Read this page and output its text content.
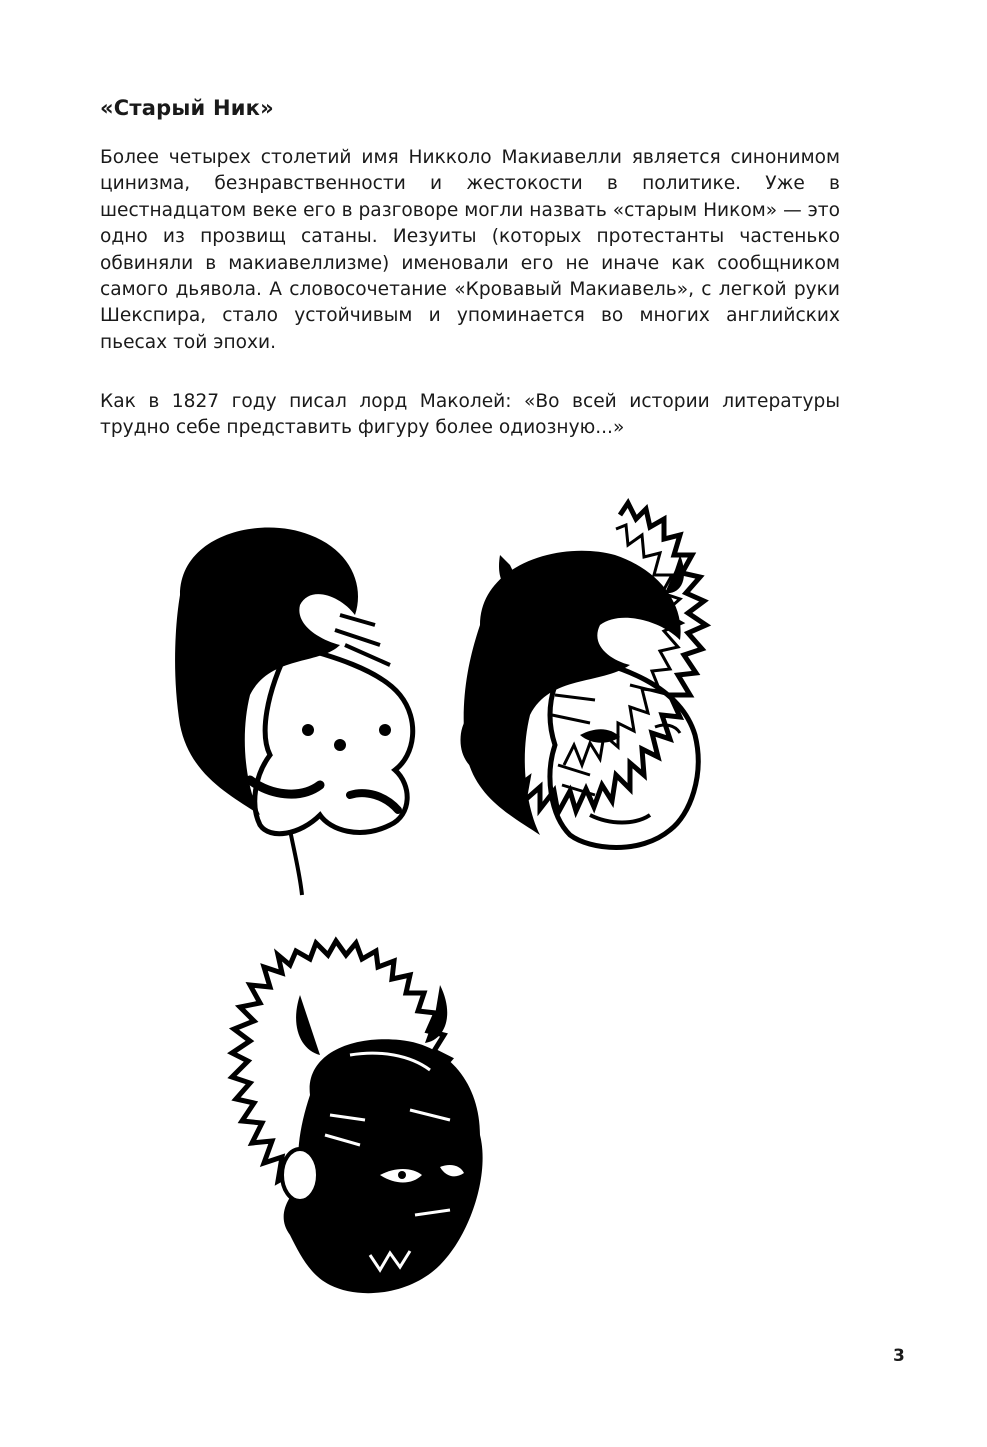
«Старый Ник»

Более четырех столетий имя Никколо Макиавелли является синонимом цинизма, безнравственности и жестокости в политике. Уже в шестнадцатом веке его в разговоре могли назвать «старым Ником» — это одно из прозвищ сатаны. Иезуиты (которых протестанты частенько обвиняли в макиавеллизме) именовали его не иначе как сообщником самого дьявола. А словосочетание «Кровавый Макиавель», с легкой руки Шекспира, стало устойчивым и упоминается во многих английских пьесах той эпохи.

Как в 1827 году писал лорд Маколей: «Во всей истории литературы трудно себе представить фигуру более одиозную...»

3
